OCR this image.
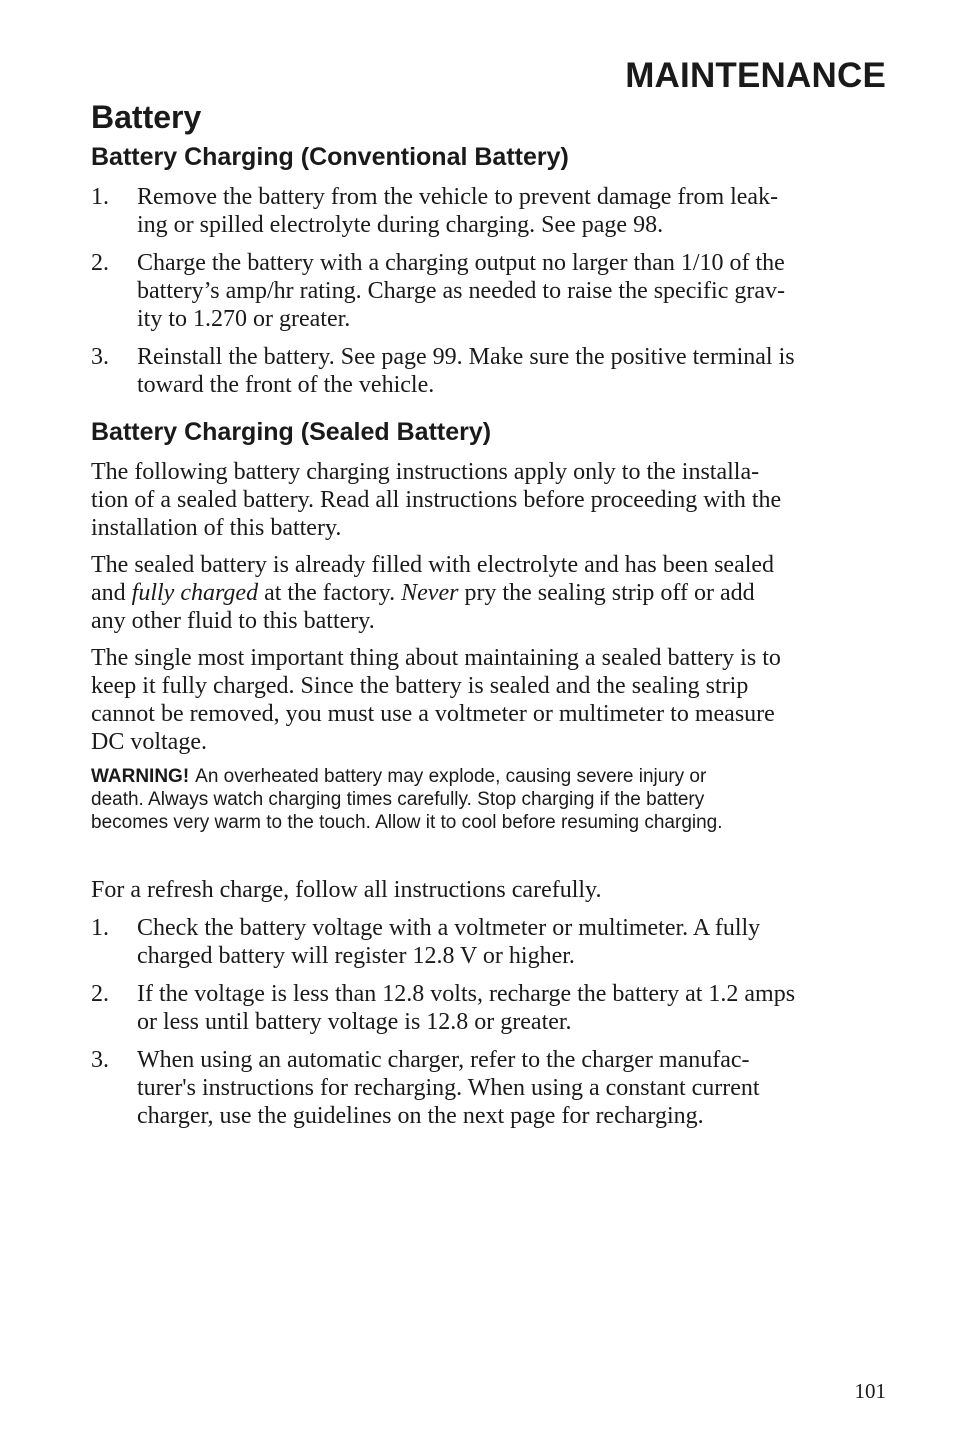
MAINTENANCE
Battery
Battery Charging (Conventional Battery)
1. Remove the battery from the vehicle to prevent damage from leak-
ing or spilled electrolyte during charging. See page 98.
2. Charge the battery with a charging output no larger than 1/10 of the
battery’s amp/hr rating. Charge as needed to raise the specific grav-
ity to 1.270 or greater.
3. Reinstall the battery. See page 99. Make sure the positive terminal is
toward the front of the vehicle.
Battery Charging (Sealed Battery)
The following battery charging instructions apply only to the installa-
tion of a sealed battery. Read all instructions before proceeding with the
installation of this battery.
The sealed battery is already filled with electrolyte and has been sealed
and fully charged at the factory. Never pry the sealing strip off or add
any other fluid to this battery.
The single most important thing about maintaining a sealed battery is to
keep it fully charged. Since the battery is sealed and the sealing strip
cannot be removed, you must use a voltmeter or multimeter to measure
DC voltage.
WARNING! An overheated battery may explode, causing severe injury or
death. Always watch charging times carefully. Stop charging if the battery
becomes very warm to the touch. Allow it to cool before resuming charging.
For a refresh charge, follow all instructions carefully.
1. Check the battery voltage with a voltmeter or multimeter. A fully
charged battery will register 12.8 V or higher.
2. If the voltage is less than 12.8 volts, recharge the battery at 1.2 amps
or less until battery voltage is 12.8 or greater.
3. When using an automatic charger, refer to the charger manufac-
turer's instructions for recharging. When using a constant current
charger, use the guidelines on the next page for recharging.
101
